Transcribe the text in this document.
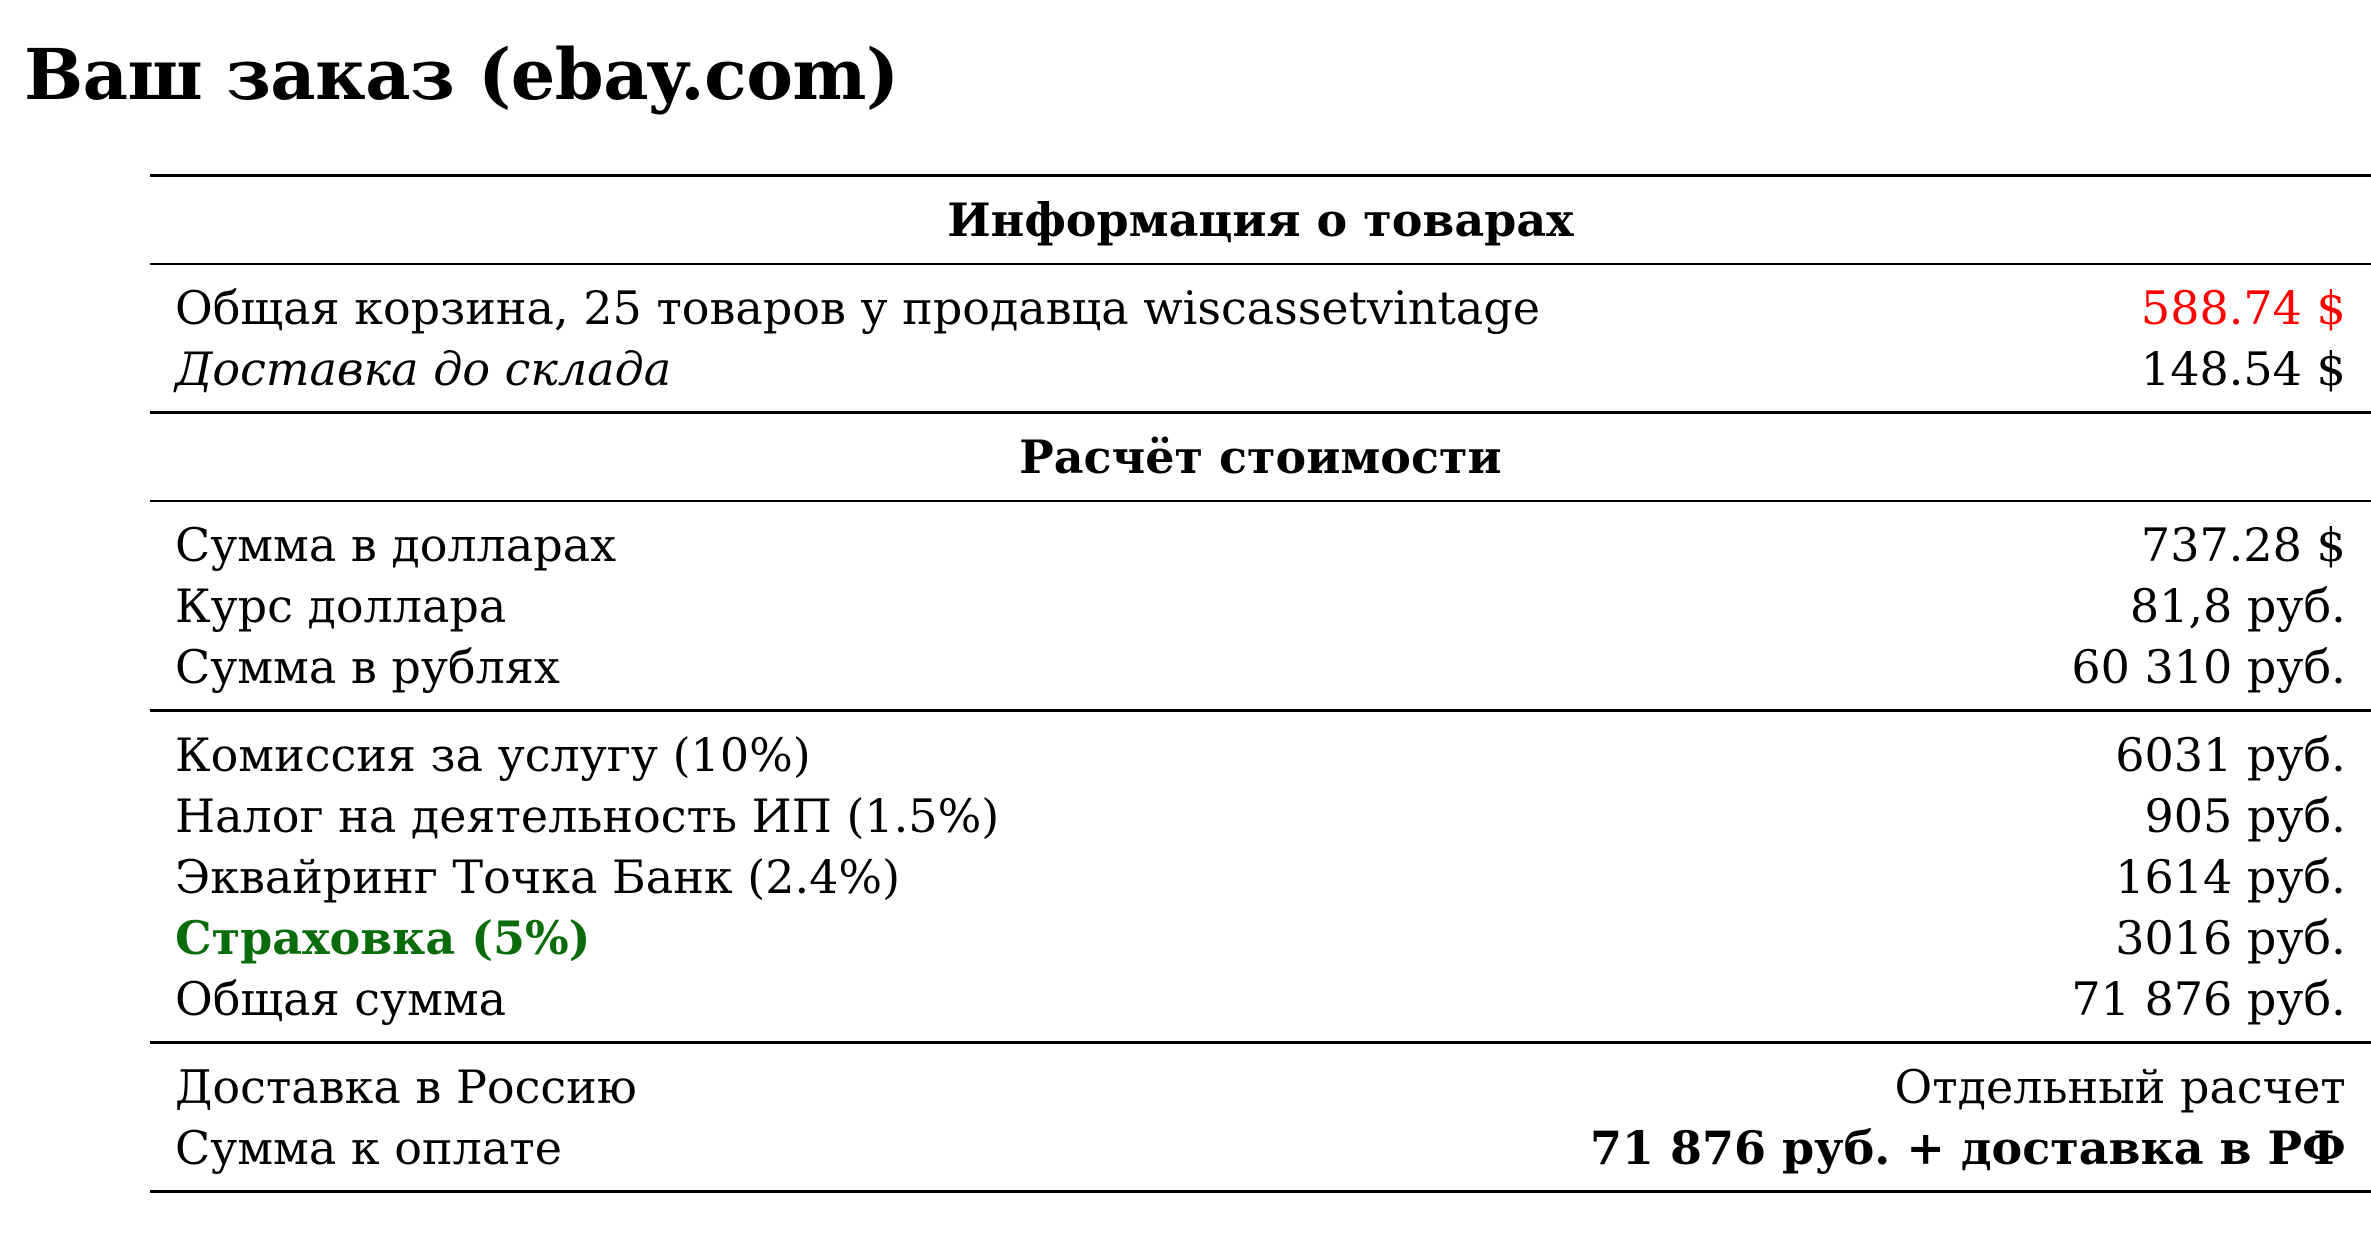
Ваш заказ (ebay.com)
Информация о товарах	
Общая корзина, 25 товаров у продавца wiscassetvintage	588.74 $
Доставка до склада	148.54 $
Расчёт стоимости	
Сумма в долларах	737.28 $
Курс доллара	81,8 руб.
Сумма в рублях	60 310 руб.
Комиссия за услугу (10%)	6031 руб.
Налог на деятельность ИП (1.5%)	905 руб.
Эквайринг Точка Банк (2.4%)	1614 руб.
Страховка (5%)	3016 руб.
Общая сумма	71 876 руб.
Доставка в Россию	Отдельный расчет
Сумма к оплате	71 876 руб. + доставка в РФ
